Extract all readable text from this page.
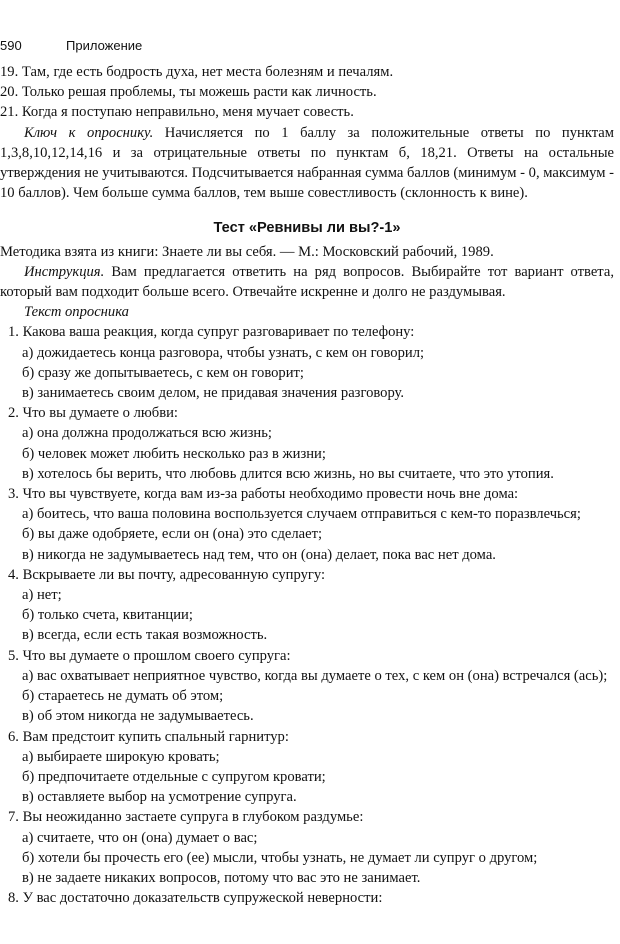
590	Приложение

19. Там, где есть бодрость духа, нет места болезням и печалям.

20. Только решая проблемы, ты можешь расти как личность.

21. Когда я поступаю неправильно, меня мучает совесть.

Ключ к опроснику. Начисляется по 1 баллу за положительные ответы по пунктам 1,3,8,10,12,14,16 и за отрицательные ответы по пунктам б, 18,21. Ответы на остальные утверждения не учитываются. Подсчитывается набранная сумма баллов (минимум - 0, максимум - 10 баллов). Чем больше сумма баллов, тем выше совестливость (склонность к вине).

Тест «Ревнивы ли вы?-1»

Методика взята из книги: Знаете ли вы себя. — М.: Московский рабочий, 1989.

Инструкция. Вам предлагается ответить на ряд вопросов. Выбирайте тот вариант ответа, который вам подходит больше всего. Отвечайте искренне и долго не раздумывая.

Текст опросника

1. Какова ваша реакция, когда супруг разговаривает по телефону:

а) дожидаетесь конца разговора, чтобы узнать, с кем он говорил;

б) сразу же допытываетесь, с кем он говорит;

в) занимаетесь своим делом, не придавая значения разговору.

2. Что вы думаете о любви:

а) она должна продолжаться всю жизнь;

б) человек может любить несколько раз в жизни;

в) хотелось бы верить, что любовь длится всю жизнь, но вы считаете, что это утопия.

3. Что вы чувствуете, когда вам из-за работы необходимо провести ночь вне дома:

а) боитесь, что ваша половина воспользуется случаем отправиться с кем-то поразвлечься;

б) вы даже одобряете, если он (она) это сделает;

в) никогда не задумываетесь над тем, что он (она) делает, пока вас нет дома.

4. Вскрываете ли вы почту, адресованную супругу:

а) нет;

б) только счета, квитанции;

в) всегда, если есть такая возможность.

5. Что вы думаете о прошлом своего супруга:

а) вас охватывает неприятное чувство, когда вы думаете о тех, с кем он (она) встречался (ась);

б) стараетесь не думать об этом;

в) об этом никогда не задумываетесь.

6. Вам предстоит купить спальный гарнитур:

а) выбираете широкую кровать;

б) предпочитаете отдельные с супругом кровати;

в) оставляете выбор на усмотрение супруга.

7. Вы неожиданно застаете супруга в глубоком раздумье:

а) считаете, что он (она) думает о вас;

б) хотели бы прочесть его (ее) мысли, чтобы узнать, не думает ли супруг о другом;

в) не задаете никаких вопросов, потому что вас это не занимает.

8. У вас достаточно доказательств супружеской неверности:
